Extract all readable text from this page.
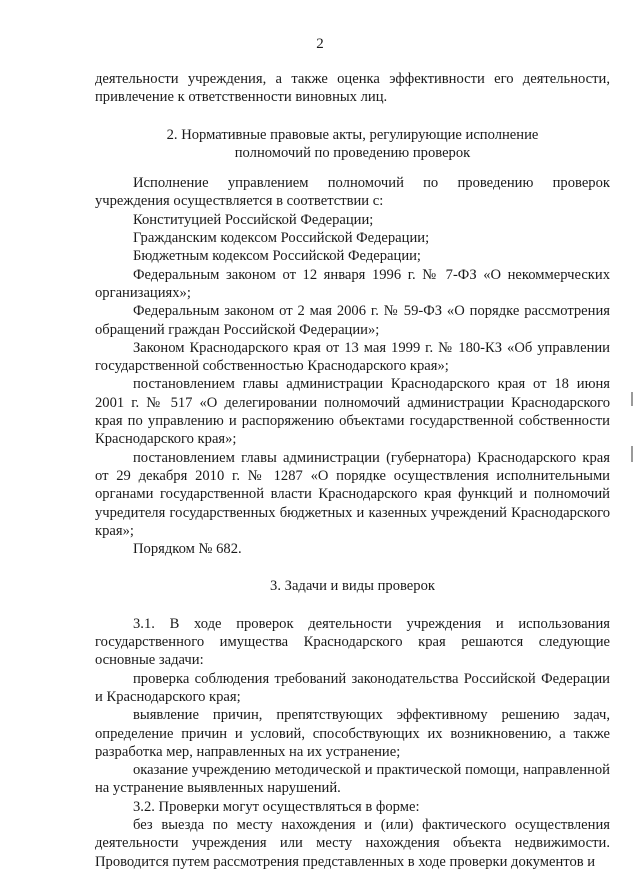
2

деятельности учреждения, а также оценка эффективности его деятельности, привлечение к ответственности виновных лиц.

2. Нормативные правовые акты, регулирующие исполнение

полномочий по проведению проверок

Исполнение управлением полномочий по проведению проверок учреждения осуществляется в соответствии с:

Конституцией Российской Федерации;

Гражданским кодексом Российской Федерации;

Бюджетным кодексом Российской Федерации;

Федеральным законом от 12 января 1996 г. № 7-ФЗ «О некоммерческих организациях»;

Федеральным законом от 2 мая 2006 г. № 59-ФЗ «О порядке рассмотрения обращений граждан Российской Федерации»;

Законом Краснодарского края от 13 мая 1999 г. № 180-КЗ «Об управлении государственной собственностью Краснодарского края»;

постановлением главы администрации Краснодарского края от 18 июня 2001 г. № 517 «О делегировании полномочий администрации Краснодарского края по управлению и распоряжению объектами государственной собственности Краснодарского края»;

постановлением главы администрации (губернатора) Краснодарского края от 29 декабря 2010 г. № 1287 «О порядке осуществления исполнительными органами государственной власти Краснодарского края функций и полномочий учредителя государственных бюджетных и казенных учреждений Краснодарского края»;

Порядком № 682.

3. Задачи и виды проверок

3.1. В ходе проверок деятельности учреждения и использования государственного имущества Краснодарского края решаются следующие основные задачи:

проверка соблюдения требований законодательства Российской Федерации и Краснодарского края;

выявление причин, препятствующих эффективному решению задач, определение причин и условий, способствующих их возникновению, а также разработка мер, направленных на их устранение;

оказание учреждению методической и практической помощи, направленной на устранение выявленных нарушений.

3.2. Проверки могут осуществляться в форме:

без выезда по месту нахождения и (или) фактического осуществления деятельности учреждения или месту нахождения объекта недвижимости. Проводится путем рассмотрения представленных в ходе проверки документов и
